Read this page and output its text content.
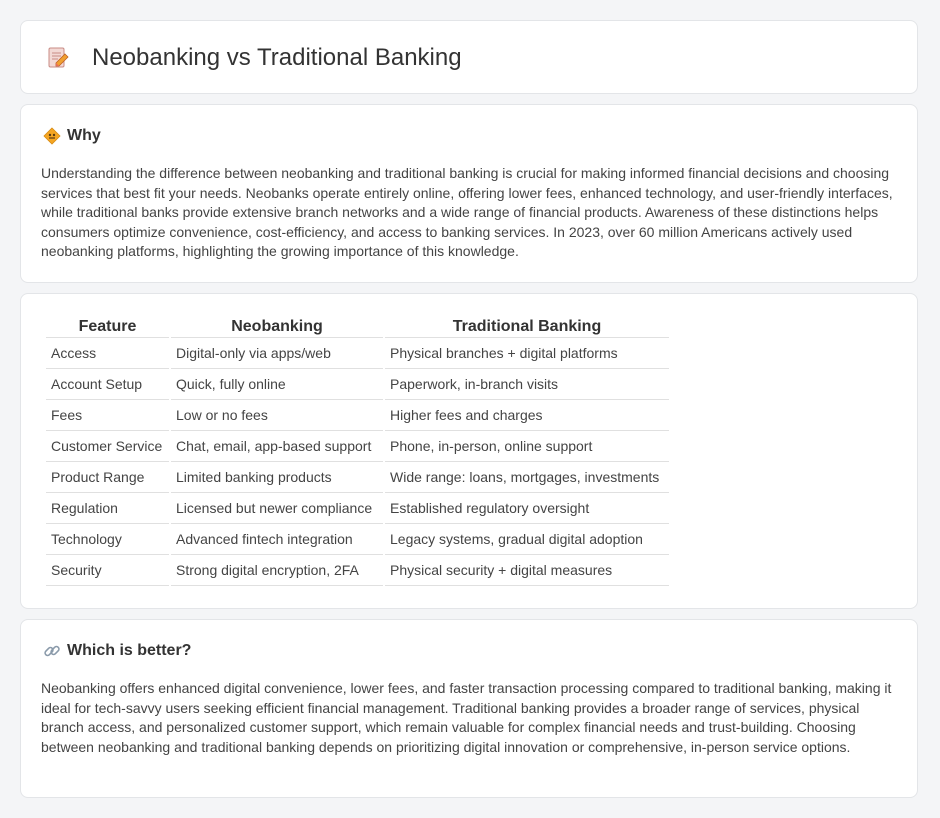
Neobanking vs Traditional Banking
Why

Understanding the difference between neobanking and traditional banking is crucial for making informed financial decisions and choosing services that best fit your needs. Neobanks operate entirely online, offering lower fees, enhanced technology, and user-friendly interfaces, while traditional banks provide extensive branch networks and a wide range of financial products. Awareness of these distinctions helps consumers optimize convenience, cost-efficiency, and access to banking services. In 2023, over 60 million Americans actively used neobanking platforms, highlighting the growing importance of this knowledge.

Feature	Neobanking	Traditional Banking
Access	Digital-only via apps/web	Physical branches + digital platforms
Account Setup	Quick, fully online	Paperwork, in-branch visits
Fees	Low or no fees	Higher fees and charges
Customer Service	Chat, email, app-based support	Phone, in-person, online support
Product Range	Limited banking products	Wide range: loans, mortgages, investments
Regulation	Licensed but newer compliance	Established regulatory oversight
Technology	Advanced fintech integration	Legacy systems, gradual digital adoption
Security	Strong digital encryption, 2FA	Physical security + digital measures
Which is better?

Neobanking offers enhanced digital convenience, lower fees, and faster transaction processing compared to traditional banking, making it ideal for tech-savvy users seeking efficient financial management. Traditional banking provides a broader range of services, physical branch access, and personalized customer support, which remain valuable for complex financial needs and trust-building. Choosing between neobanking and traditional banking depends on prioritizing digital innovation or comprehensive, in-person service options.
